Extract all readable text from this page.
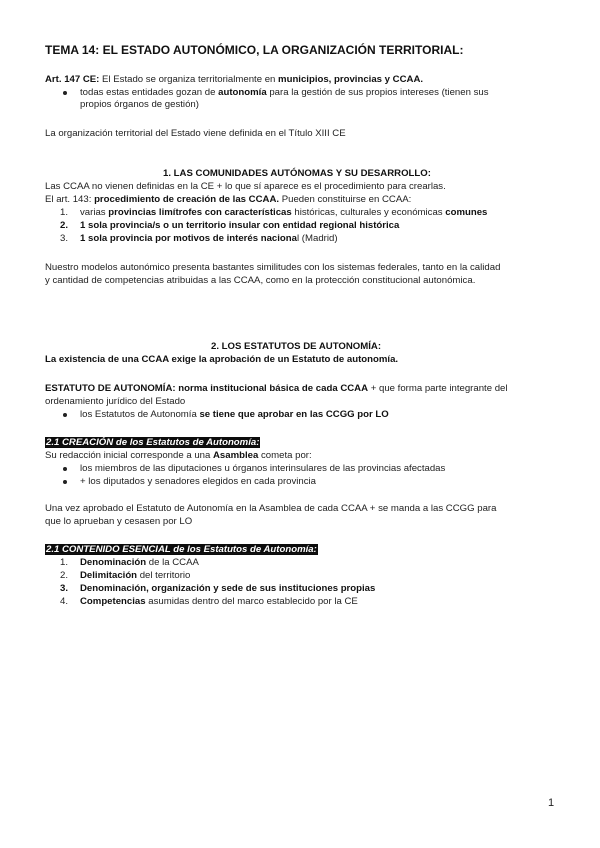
TEMA 14: EL ESTADO AUTONÓMICO, LA ORGANIZACIÓN TERRITORIAL:
Art. 147 CE: El Estado se organiza territorialmente en municipios, provincias y CCAA.
todas estas entidades gozan de autonomía para la gestión de sus propios intereses (tienen sus
propios órganos de gestión)
La organización territorial del Estado viene definida en el Título XIII CE
1. LAS COMUNIDADES AUTÓNOMAS Y SU DESARROLLO:
Las CCAA no vienen definidas en la CE + lo que sí aparece es el procedimiento para crearlas.
El art. 143: procedimiento de creación de las CCAA. Pueden constituirse en CCAA:
1. varias provincias limítrofes con características históricas, culturales y económicas comunes
2. 1 sola provincia/s o un territorio insular con entidad regional histórica
3. 1 sola provincia por motivos de interés nacional (Madrid)
Nuestro modelos autonómico presenta bastantes similitudes con los sistemas federales, tanto en la calidad
y cantidad de competencias atribuidas a las CCAA, como en la protección constitucional autonómica.
2. LOS ESTATUTOS DE AUTONOMÍA:
La existencia de una CCAA exige la aprobación de un Estatuto de autonomía.
ESTATUTO DE AUTONOMÍA: norma institucional básica de cada CCAA + que forma parte integrante del
ordenamiento jurídico del Estado
los Estatutos de Autonomía se tiene que aprobar en las CCGG por LO
2.1 CREACIÓN de los Estatutos de Autonomía:
Su redacción inicial corresponde a una Asamblea cometa por:
los miembros de las diputaciones u órganos interinsulares de las provincias afectadas
+ los diputados y senadores elegidos en cada provincia
Una vez aprobado el Estatuto de Autonomía en la Asamblea de cada CCAA + se manda a las CCGG para
que lo aprueban y cesasen por LO
2.1 CONTENIDO ESENCIAL de los Estatutos de Autonomía:
1. Denominación de la CCAA
2. Delimitación del territorio
3. Denominación, organización y sede de sus instituciones propias
4. Competencias asumidas dentro del marco establecido por la CE
1
